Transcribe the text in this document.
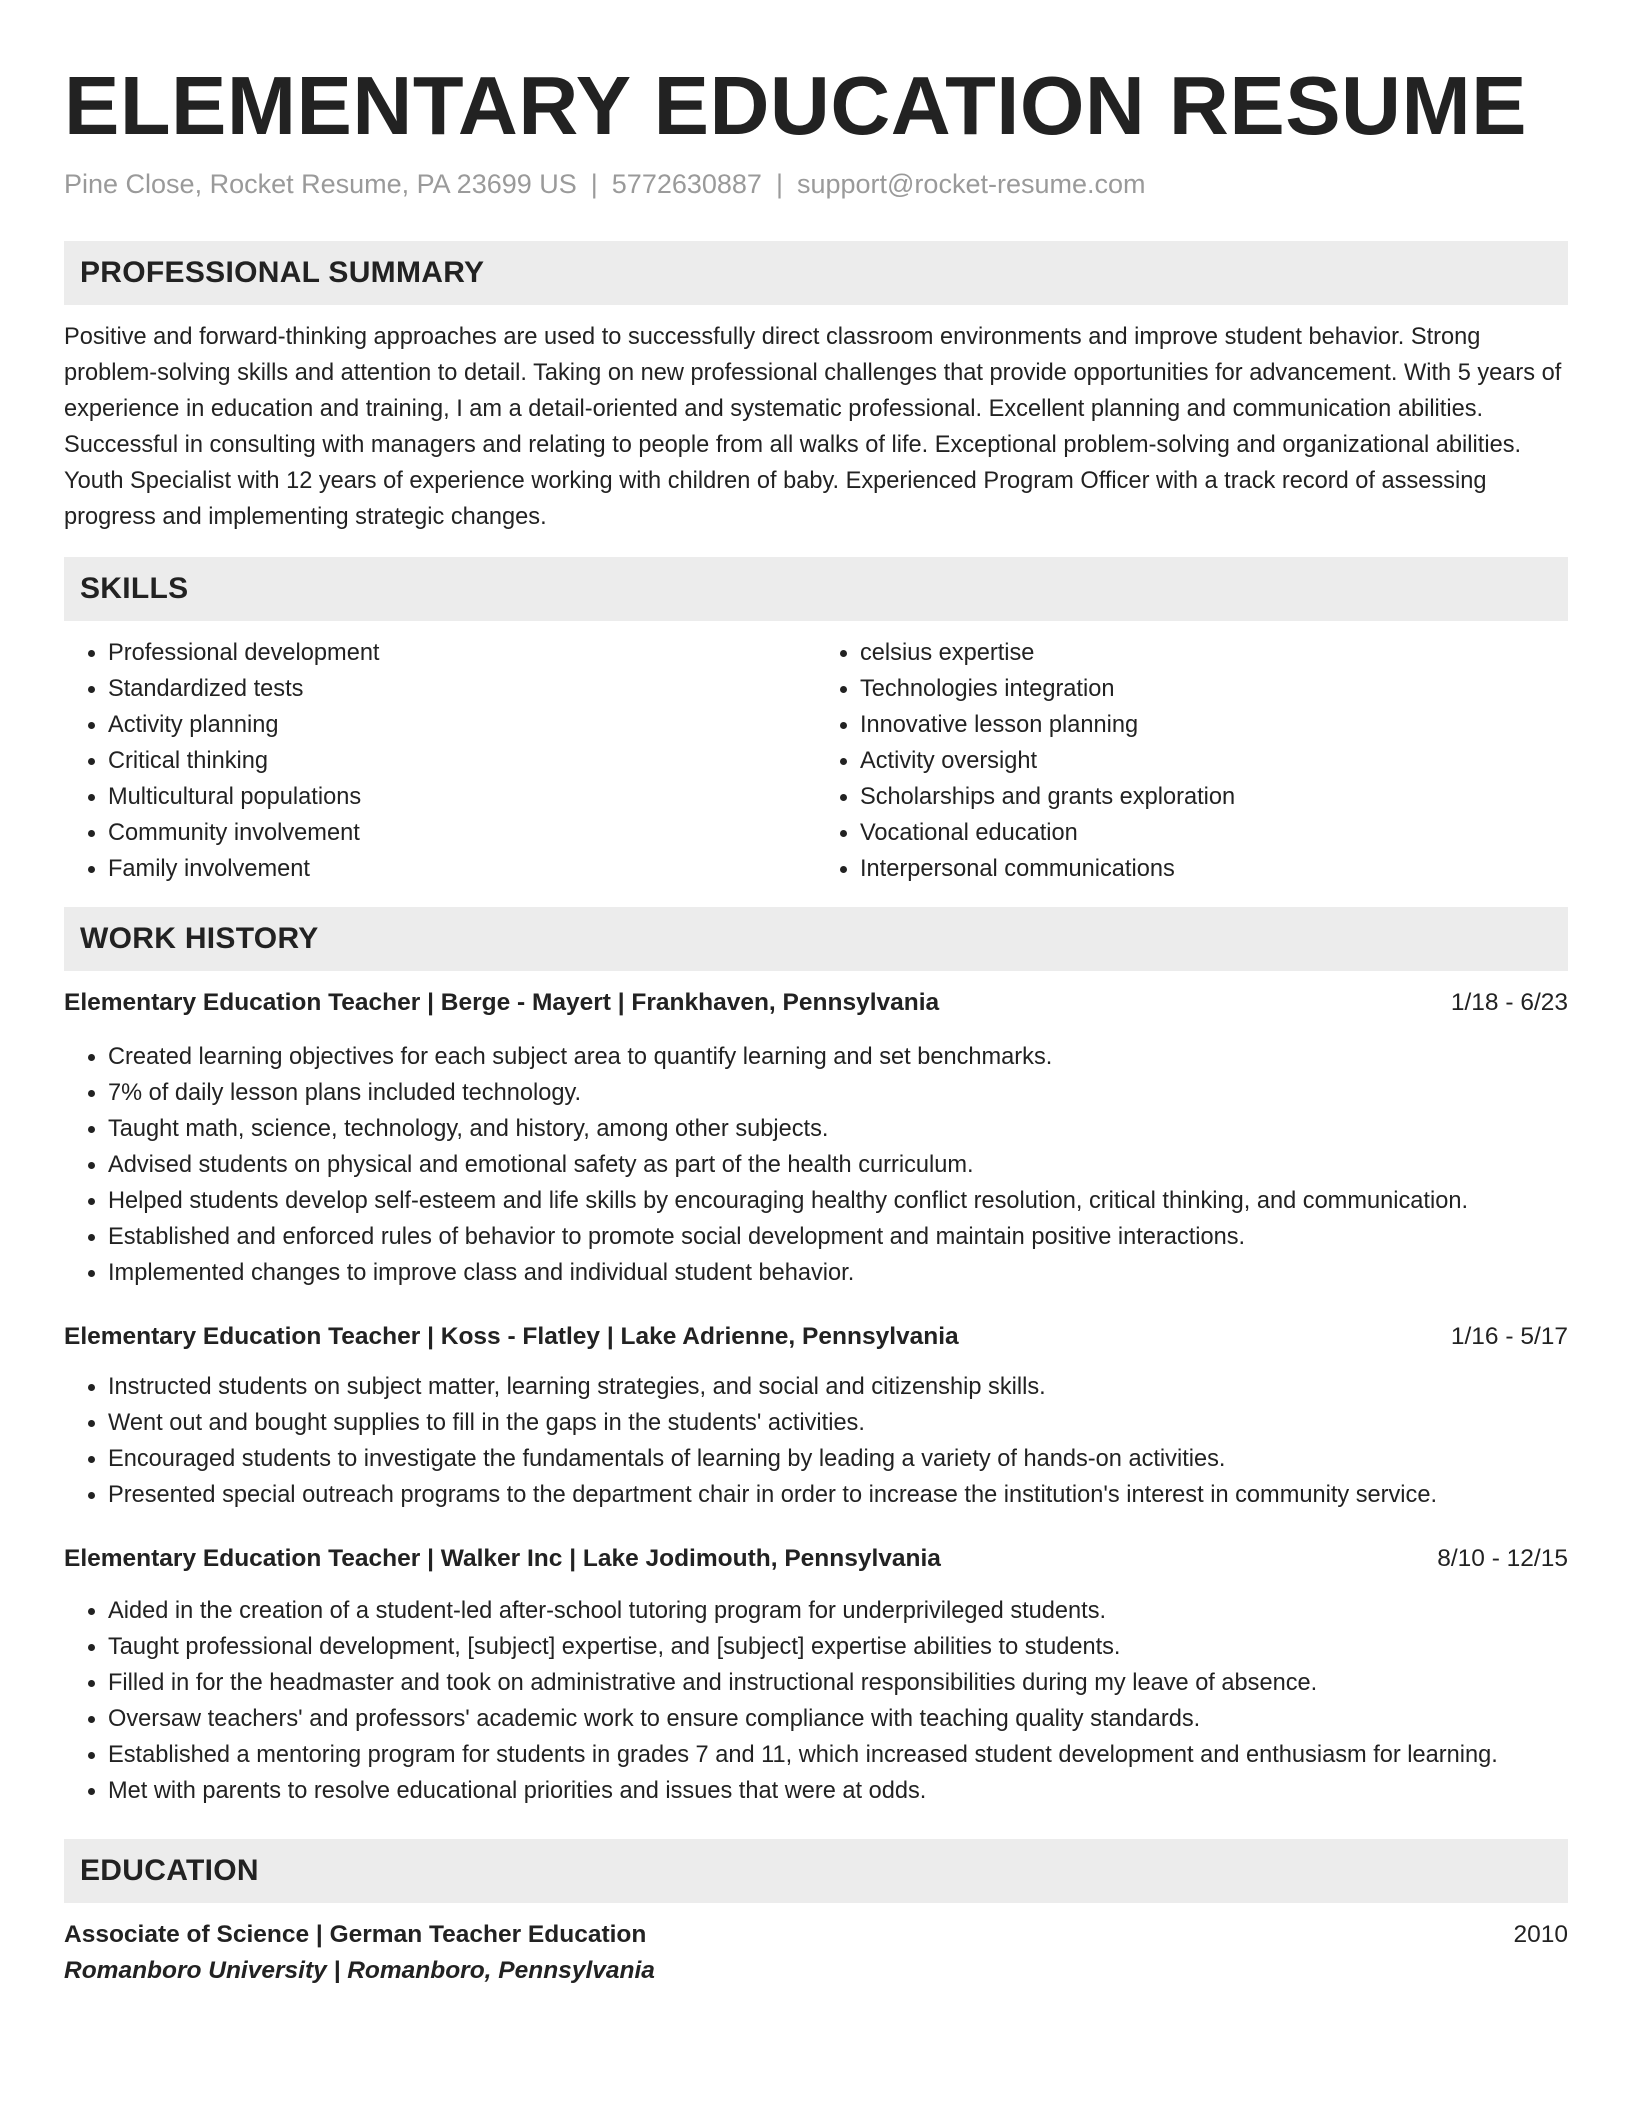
ELEMENTARY EDUCATION RESUME
Pine Close, Rocket Resume, PA 23699 US | 5772630887 | support@rocket-resume.com
PROFESSIONAL SUMMARY

Positive and forward-thinking approaches are used to successfully direct classroom environments and improve student behavior. Strong problem-solving skills and attention to detail. Taking on new professional challenges that provide opportunities for advancement. With 5 years of experience in education and training, I am a detail-oriented and systematic professional. Excellent planning and communication abilities. Successful in consulting with managers and relating to people from all walks of life. Exceptional problem-solving and organizational abilities. Youth Specialist with 12 years of experience working with children of baby. Experienced Program Officer with a track record of assessing progress and implementing strategic changes.

SKILLS
• Professional development
• Standardized tests
• Activity planning
• Critical thinking
• Multicultural populations
• Community involvement
• Family involvement
• celsius expertise
• Technologies integration
• Innovative lesson planning
• Activity oversight
• Scholarships and grants exploration
• Vocational education
• Interpersonal communications
WORK HISTORY
Elementary Education Teacher | Berge - Mayert | Frankhaven, Pennsylvania	1/18 - 6/23
• Created learning objectives for each subject area to quantify learning and set benchmarks.
• 7% of daily lesson plans included technology.
• Taught math, science, technology, and history, among other subjects.
• Advised students on physical and emotional safety as part of the health curriculum.
• Helped students develop self-esteem and life skills by encouraging healthy conflict resolution, critical thinking, and communication.
• Established and enforced rules of behavior to promote social development and maintain positive interactions.
• Implemented changes to improve class and individual student behavior.
Elementary Education Teacher | Koss - Flatley | Lake Adrienne, Pennsylvania	1/16 - 5/17
• Instructed students on subject matter, learning strategies, and social and citizenship skills.
• Went out and bought supplies to fill in the gaps in the students' activities.
• Encouraged students to investigate the fundamentals of learning by leading a variety of hands-on activities.
• Presented special outreach programs to the department chair in order to increase the institution's interest in community service.
Elementary Education Teacher | Walker Inc | Lake Jodimouth, Pennsylvania	8/10 - 12/15
• Aided in the creation of a student-led after-school tutoring program for underprivileged students.
• Taught professional development, [subject] expertise, and [subject] expertise abilities to students.
• Filled in for the headmaster and took on administrative and instructional responsibilities during my leave of absence.
• Oversaw teachers' and professors' academic work to ensure compliance with teaching quality standards.
• Established a mentoring program for students in grades 7 and 11, which increased student development and enthusiasm for learning.
• Met with parents to resolve educational priorities and issues that were at odds.
EDUCATION
Associate of Science | German Teacher Education	2010
Romanboro University | Romanboro, Pennsylvania
